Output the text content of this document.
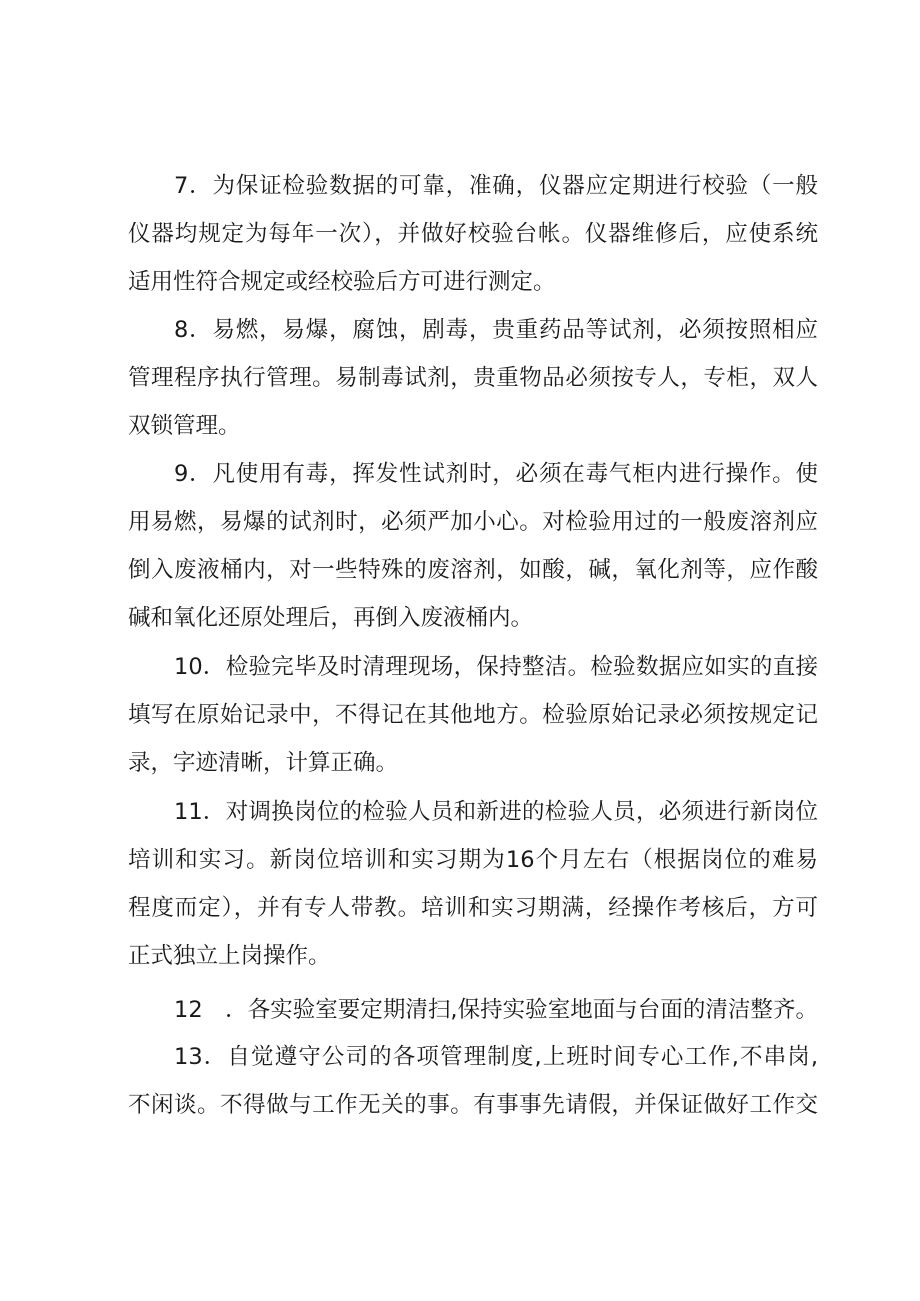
7．为保证检验数据的可靠，准确，仪器应定期进行校验（一般
仪器均规定为每年一次），并做好校验台帐。仪器维修后，应使系统
适用性符合规定或经校验后方可进行测定。
8．易燃，易爆，腐蚀，剧毒，贵重药品等试剂，必须按照相应
管理程序执行管理。易制毒试剂，贵重物品必须按专人，专柜，双人
双锁管理。
9．凡使用有毒，挥发性试剂时，必须在毒气柜内进行操作。使
用易燃，易爆的试剂时，必须严加小心。对检验用过的一般废溶剂应
倒入废液桶内，对一些特殊的废溶剂，如酸，碱，氧化剂等，应作酸
碱和氧化还原处理后，再倒入废液桶内。
10．检验完毕及时清理现场，保持整洁。检验数据应如实的直接
填写在原始记录中，不得记在其他地方。检验原始记录必须按规定记
录，字迹清晰，计算正确。
11．对调换岗位的检验人员和新进的检验人员，必须进行新岗位
培训和实习。新岗位培训和实习期为16个月左右（根据岗位的难易
程度而定），并有专人带教。培训和实习期满，经操作考核后，方可
正式独立上岗操作。
12　．各实验室要定期清扫,保持实验室地面与台面的清洁整齐。
13．自觉遵守公司的各项管理制度,上班时间专心工作,不串岗,
不闲谈。不得做与工作无关的事。有事事先请假，并保证做好工作交
